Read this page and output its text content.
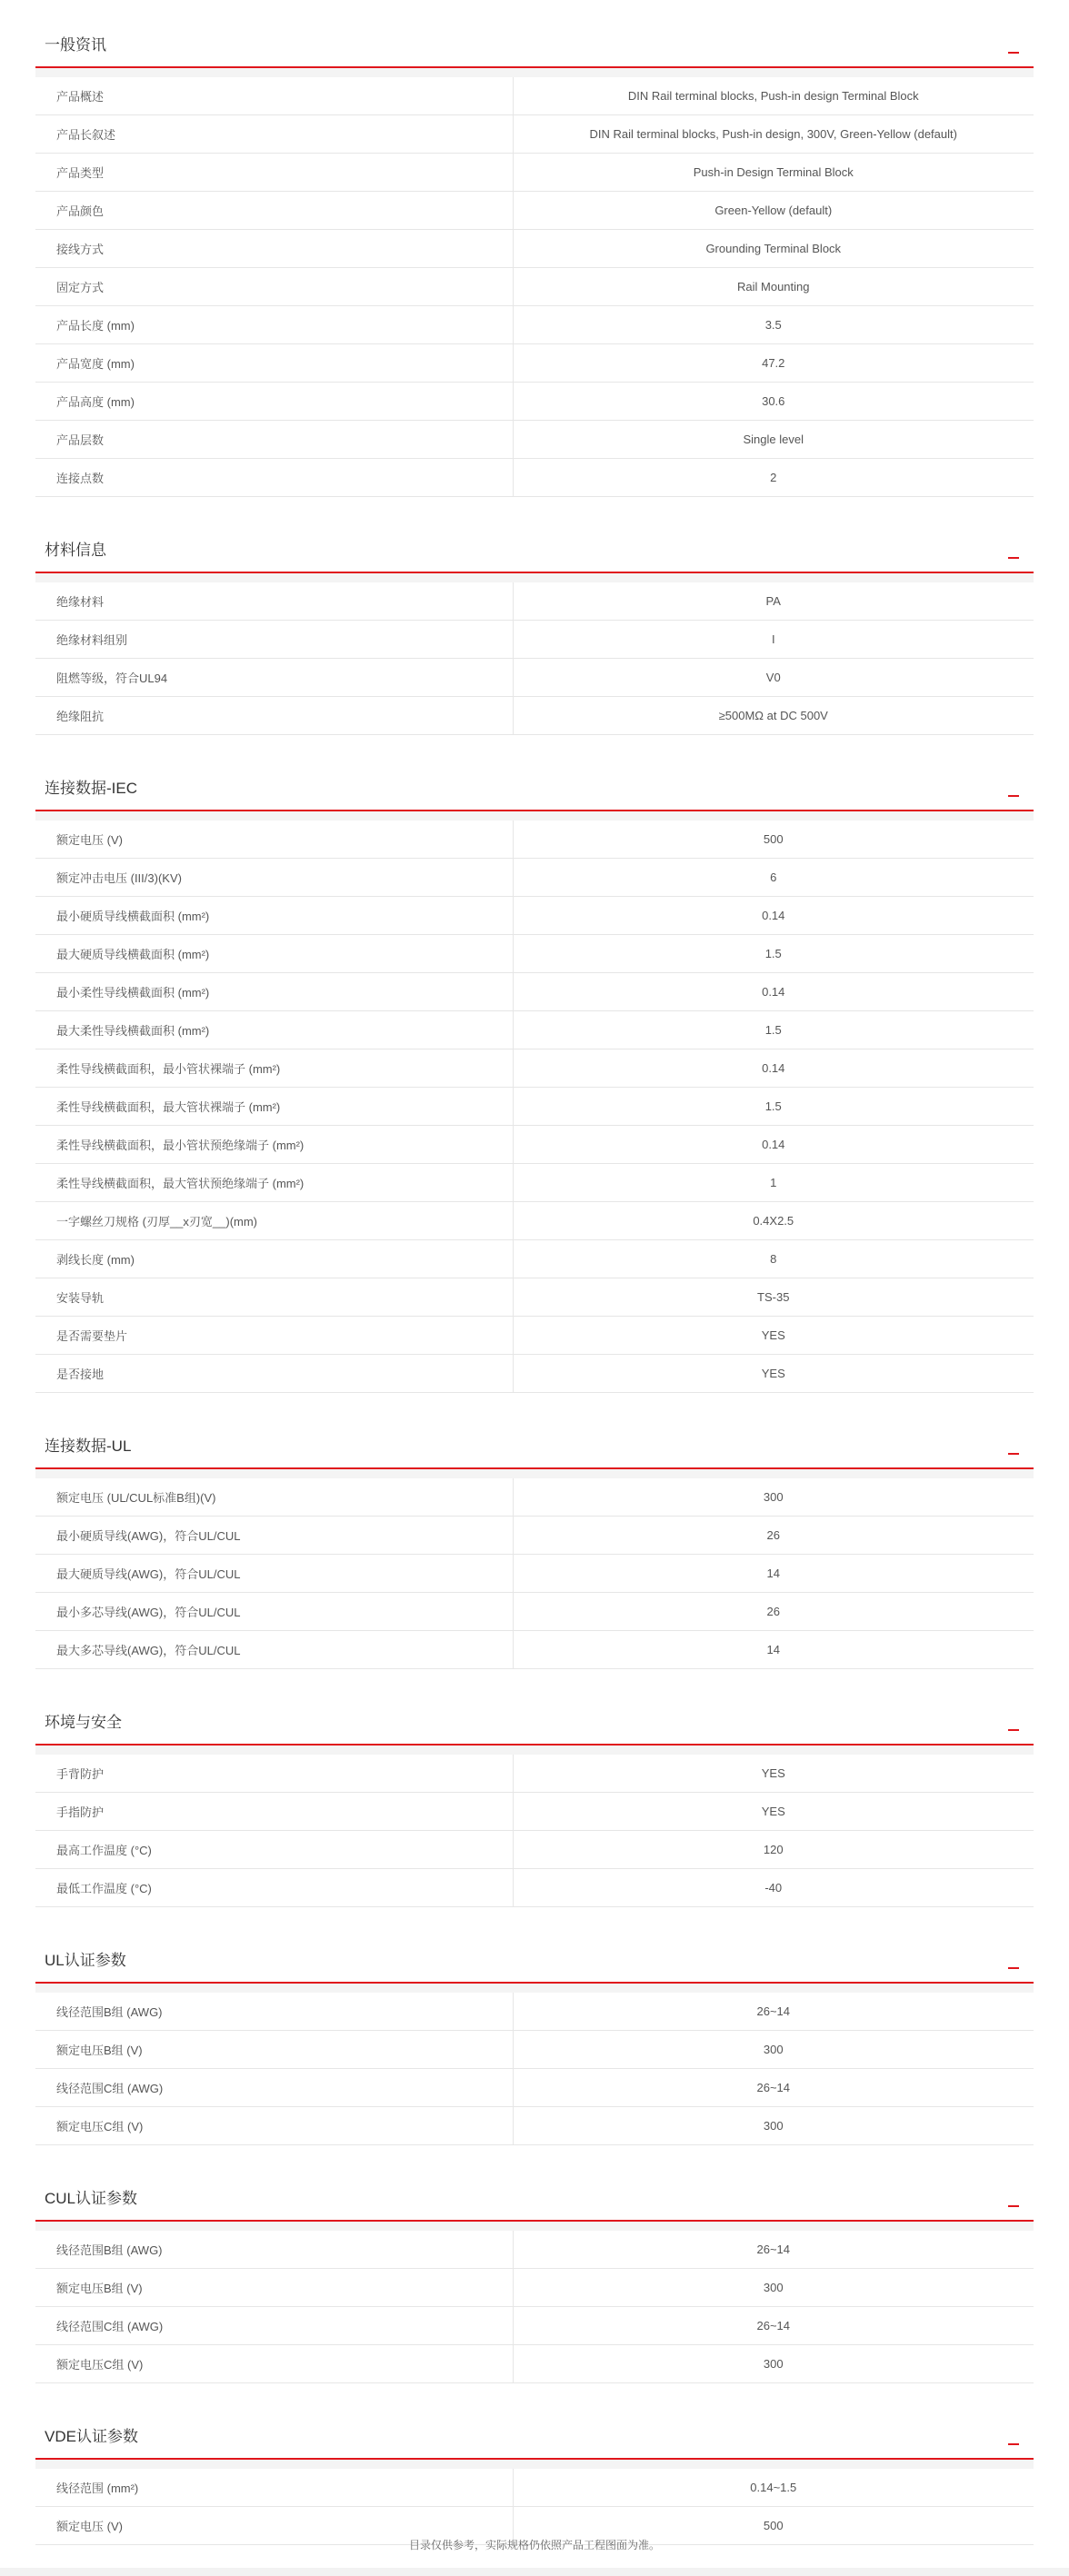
一般资讯
产品概述	DIN Rail terminal blocks, Push-in design Terminal Block
产品长叙述	DIN Rail terminal blocks, Push-in design, 300V, Green-Yellow (default)
产品类型	Push-in Design Terminal Block
产品颜色	Green-Yellow (default)
接线方式	Grounding Terminal Block
固定方式	Rail Mounting
产品长度 (mm)	3.5
产品宽度 (mm)	47.2
产品高度 (mm)	30.6
产品层数	Single level
连接点数	2
材料信息
绝缘材料	PA
绝缘材料组别	I
阻燃等级，符合UL94	V0
绝缘阻抗	≥500MΩ at DC 500V
连接数据-IEC
额定电压 (V)	500
额定冲击电压 (III/3)(KV)	6
最小硬质导线横截面积 (mm²)	0.14
最大硬质导线横截面积 (mm²)	1.5
最小柔性导线横截面积 (mm²)	0.14
最大柔性导线横截面积 (mm²)	1.5
柔性导线横截面积，最小管状裸端子 (mm²)	0.14
柔性导线横截面积，最大管状裸端子 (mm²)	1.5
柔性导线横截面积，最小管状预绝缘端子 (mm²)	0.14
柔性导线横截面积，最大管状预绝缘端子 (mm²)	1
一字螺丝刀规格 (刃厚__x刃宽__)(mm)	0.4X2.5
剥线长度 (mm)	8
安装导轨	TS-35
是否需要垫片	YES
是否接地	YES
连接数据-UL
额定电压 (UL/CUL标准B组)(V)	300
最小硬质导线(AWG)，符合UL/CUL	26
最大硬质导线(AWG)，符合UL/CUL	14
最小多芯导线(AWG)，符合UL/CUL	26
最大多芯导线(AWG)，符合UL/CUL	14
环境与安全
手背防护	YES
手指防护	YES
最高工作温度 (°C)	120
最低工作温度 (°C)	-40
UL认证参数
线径范围B组 (AWG)	26~14
额定电压B组 (V)	300
线径范围C组 (AWG)	26~14
额定电压C组 (V)	300
CUL认证参数
线径范围B组 (AWG)	26~14
额定电压B组 (V)	300
线径范围C组 (AWG)	26~14
额定电压C组 (V)	300
VDE认证参数
线径范围 (mm²)	0.14~1.5
额定电压 (V)	500
目录仅供参考，实际规格仍依照产品工程图面为准。
